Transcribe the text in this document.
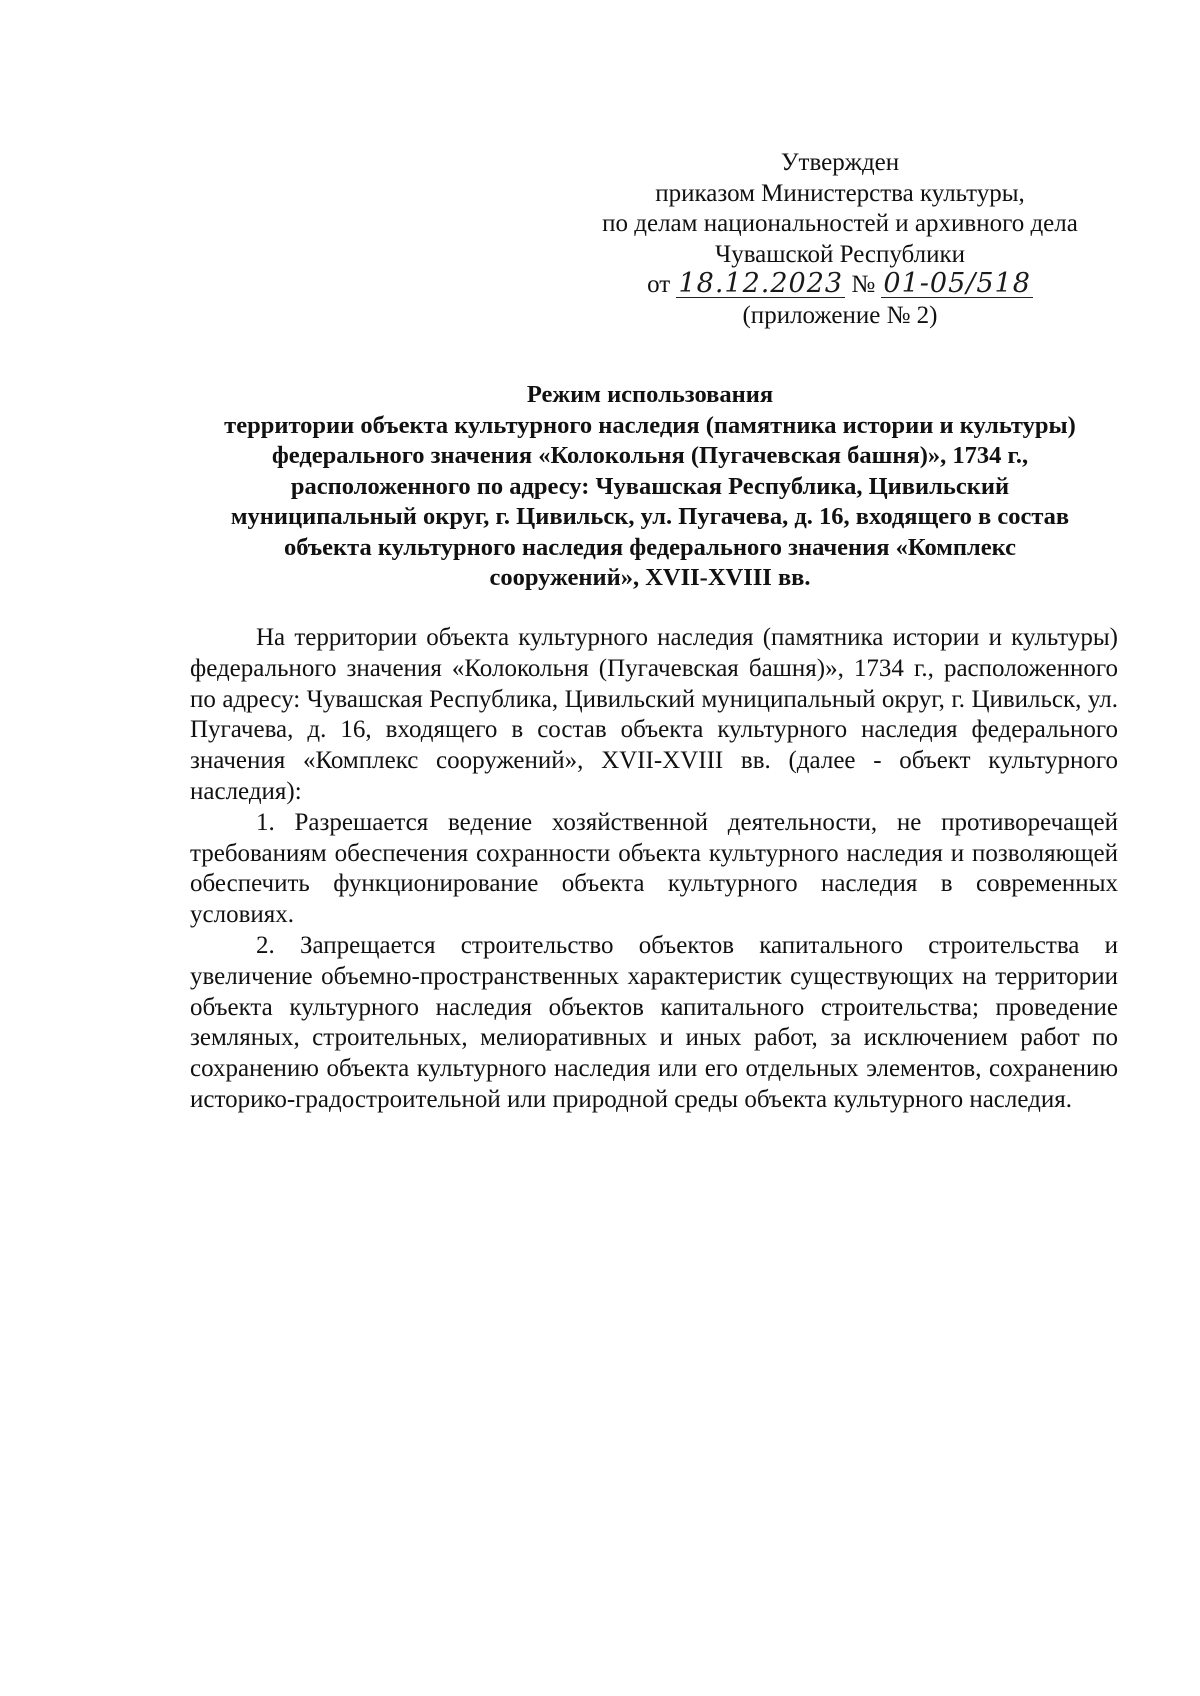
Утвержден
приказом Министерства культуры,
по делам национальностей и архивного дела
Чувашской Республики
от 18.12.2023 № 01-05/518
(приложение № 2)
Режим использования
территории объекта культурного наследия (памятника истории и культуры)
федерального значения «Колокольня (Пугачевская башня)», 1734 г.,
расположенного по адресу: Чувашская Республика, Цивильский
муниципальный округ, г. Цивильск, ул. Пугачева, д. 16, входящего в состав
объекта культурного наследия федерального значения «Комплекс
сооружений», XVII-XVIII вв.

На территории объекта культурного наследия (памятника истории и культуры) федерального значения «Колокольня (Пугачевская башня)», 1734 г., расположенного по адресу: Чувашская Республика, Цивильский муниципальный округ, г. Цивильск, ул. Пугачева, д. 16, входящего в состав объекта культурного наследия федерального значения «Комплекс сооружений», XVII-XVIII вв. (далее - объект культурного наследия):

1. Разрешается ведение хозяйственной деятельности, не противоречащей требованиям обеспечения сохранности объекта культурного наследия и позволяющей обеспечить функционирование объекта культурного наследия в современных условиях.

2. Запрещается строительство объектов капитального строительства и увеличение объемно-пространственных характеристик существующих на территории объекта культурного наследия объектов капитального строительства; проведение земляных, строительных, мелиоративных и иных работ, за исключением работ по сохранению объекта культурного наследия или его отдельных элементов, сохранению историко-градостроительной или природной среды объекта культурного наследия.
